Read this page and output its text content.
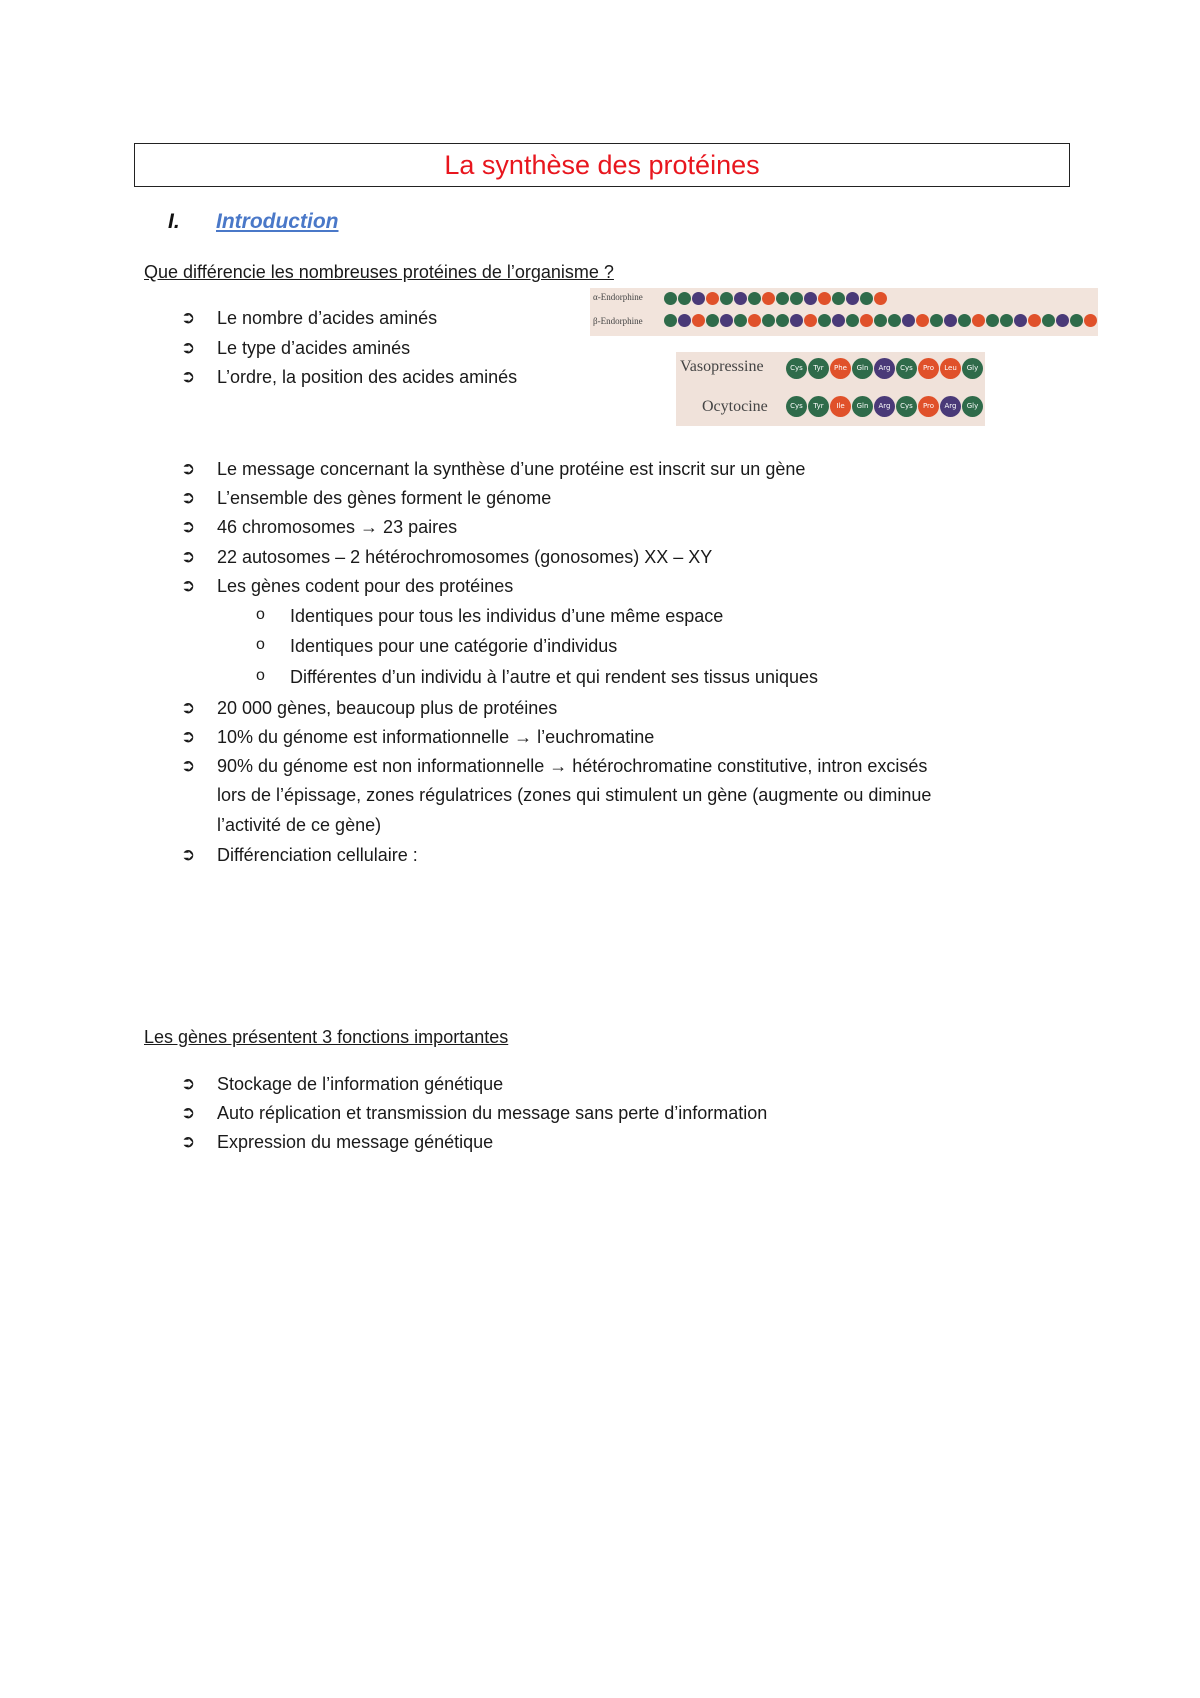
La synthèse des protéines
I. Introduction
Que différencie les nombreuses protéines de l’organisme ?
➲ Le nombre d’acides aminés
➲ Le type d’acides aminés
➲ L’ordre, la position des acides aminés
α-Endorphine
β-Endorphine
Vasopressine
Ocytocine
Cys	Tyr	Phe	Gln	Arg	Cys	Pro	Leu	Gly
Cys	Tyr	Ile	Gln	Arg	Cys	Pro	Arg	Gly
➲ Le message concernant la synthèse d’une protéine est inscrit sur un gène
➲ L’ensemble des gènes forment le génome
➲ 46 chromosomes → 23 paires
➲ 22 autosomes – 2 hétérochromosomes (gonosomes) XX – XY
➲ Les gènes codent pour des protéines
o Identiques pour tous les individus d’une même espace
o Identiques pour une catégorie d’individus
o Différentes d’un individu à l’autre et qui rendent ses tissus uniques
➲ 20 000 gènes, beaucoup plus de protéines
➲ 10% du génome est informationnelle → l’euchromatine
➲ 90% du génome est non informationnelle → hétérochromatine constitutive, intron excisés
lors de l’épissage, zones régulatrices (zones qui stimulent un gène (augmente ou diminue
l’activité de ce gène)
➲ Différenciation cellulaire :
Les gènes présentent 3 fonctions importantes
➲ Stockage de l’information génétique
➲ Auto réplication et transmission du message sans perte d’information
➲ Expression du message génétique
